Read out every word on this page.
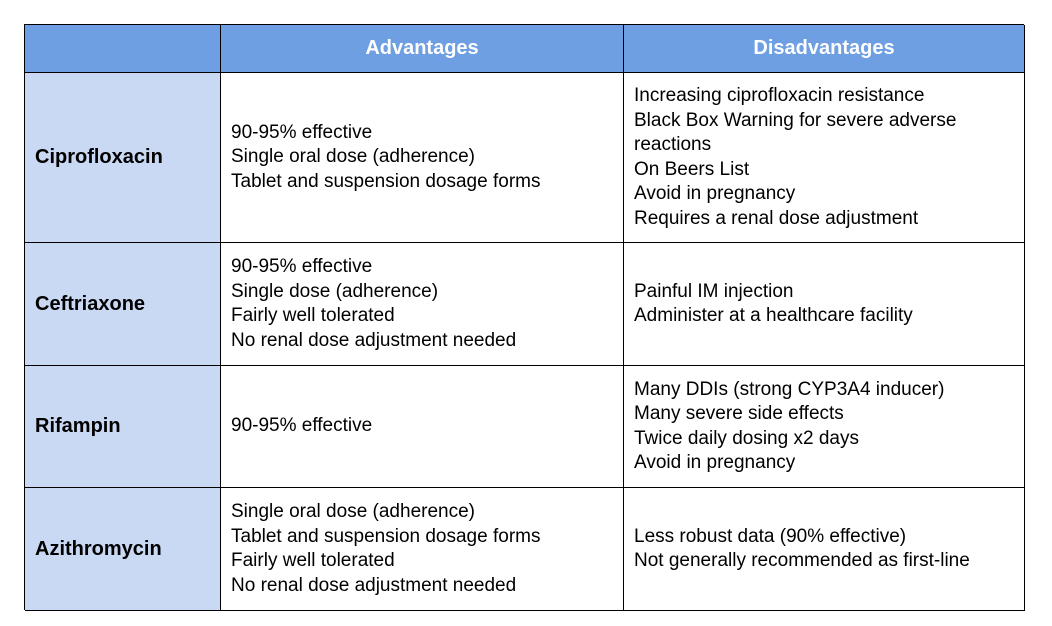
Advantages	Disadvantages
Ciprofloxacin
90-95% effective
Single oral dose (adherence)
Tablet and suspension dosage forms
Increasing ciprofloxacin resistance
Black Box Warning for severe adverse reactions
On Beers List
Avoid in pregnancy
Requires a renal dose adjustment
Ceftriaxone
90-95% effective
Single dose (adherence)
Fairly well tolerated
No renal dose adjustment needed
Painful IM injection
Administer at a healthcare facility
Rifampin	90-95% effective
Many DDIs (strong CYP3A4 inducer)
Many severe side effects
Twice daily dosing x2 days
Avoid in pregnancy
Azithromycin
Single oral dose (adherence)
Tablet and suspension dosage forms
Fairly well tolerated
No renal dose adjustment needed
Less robust data (90% effective)
Not generally recommended as first-line
